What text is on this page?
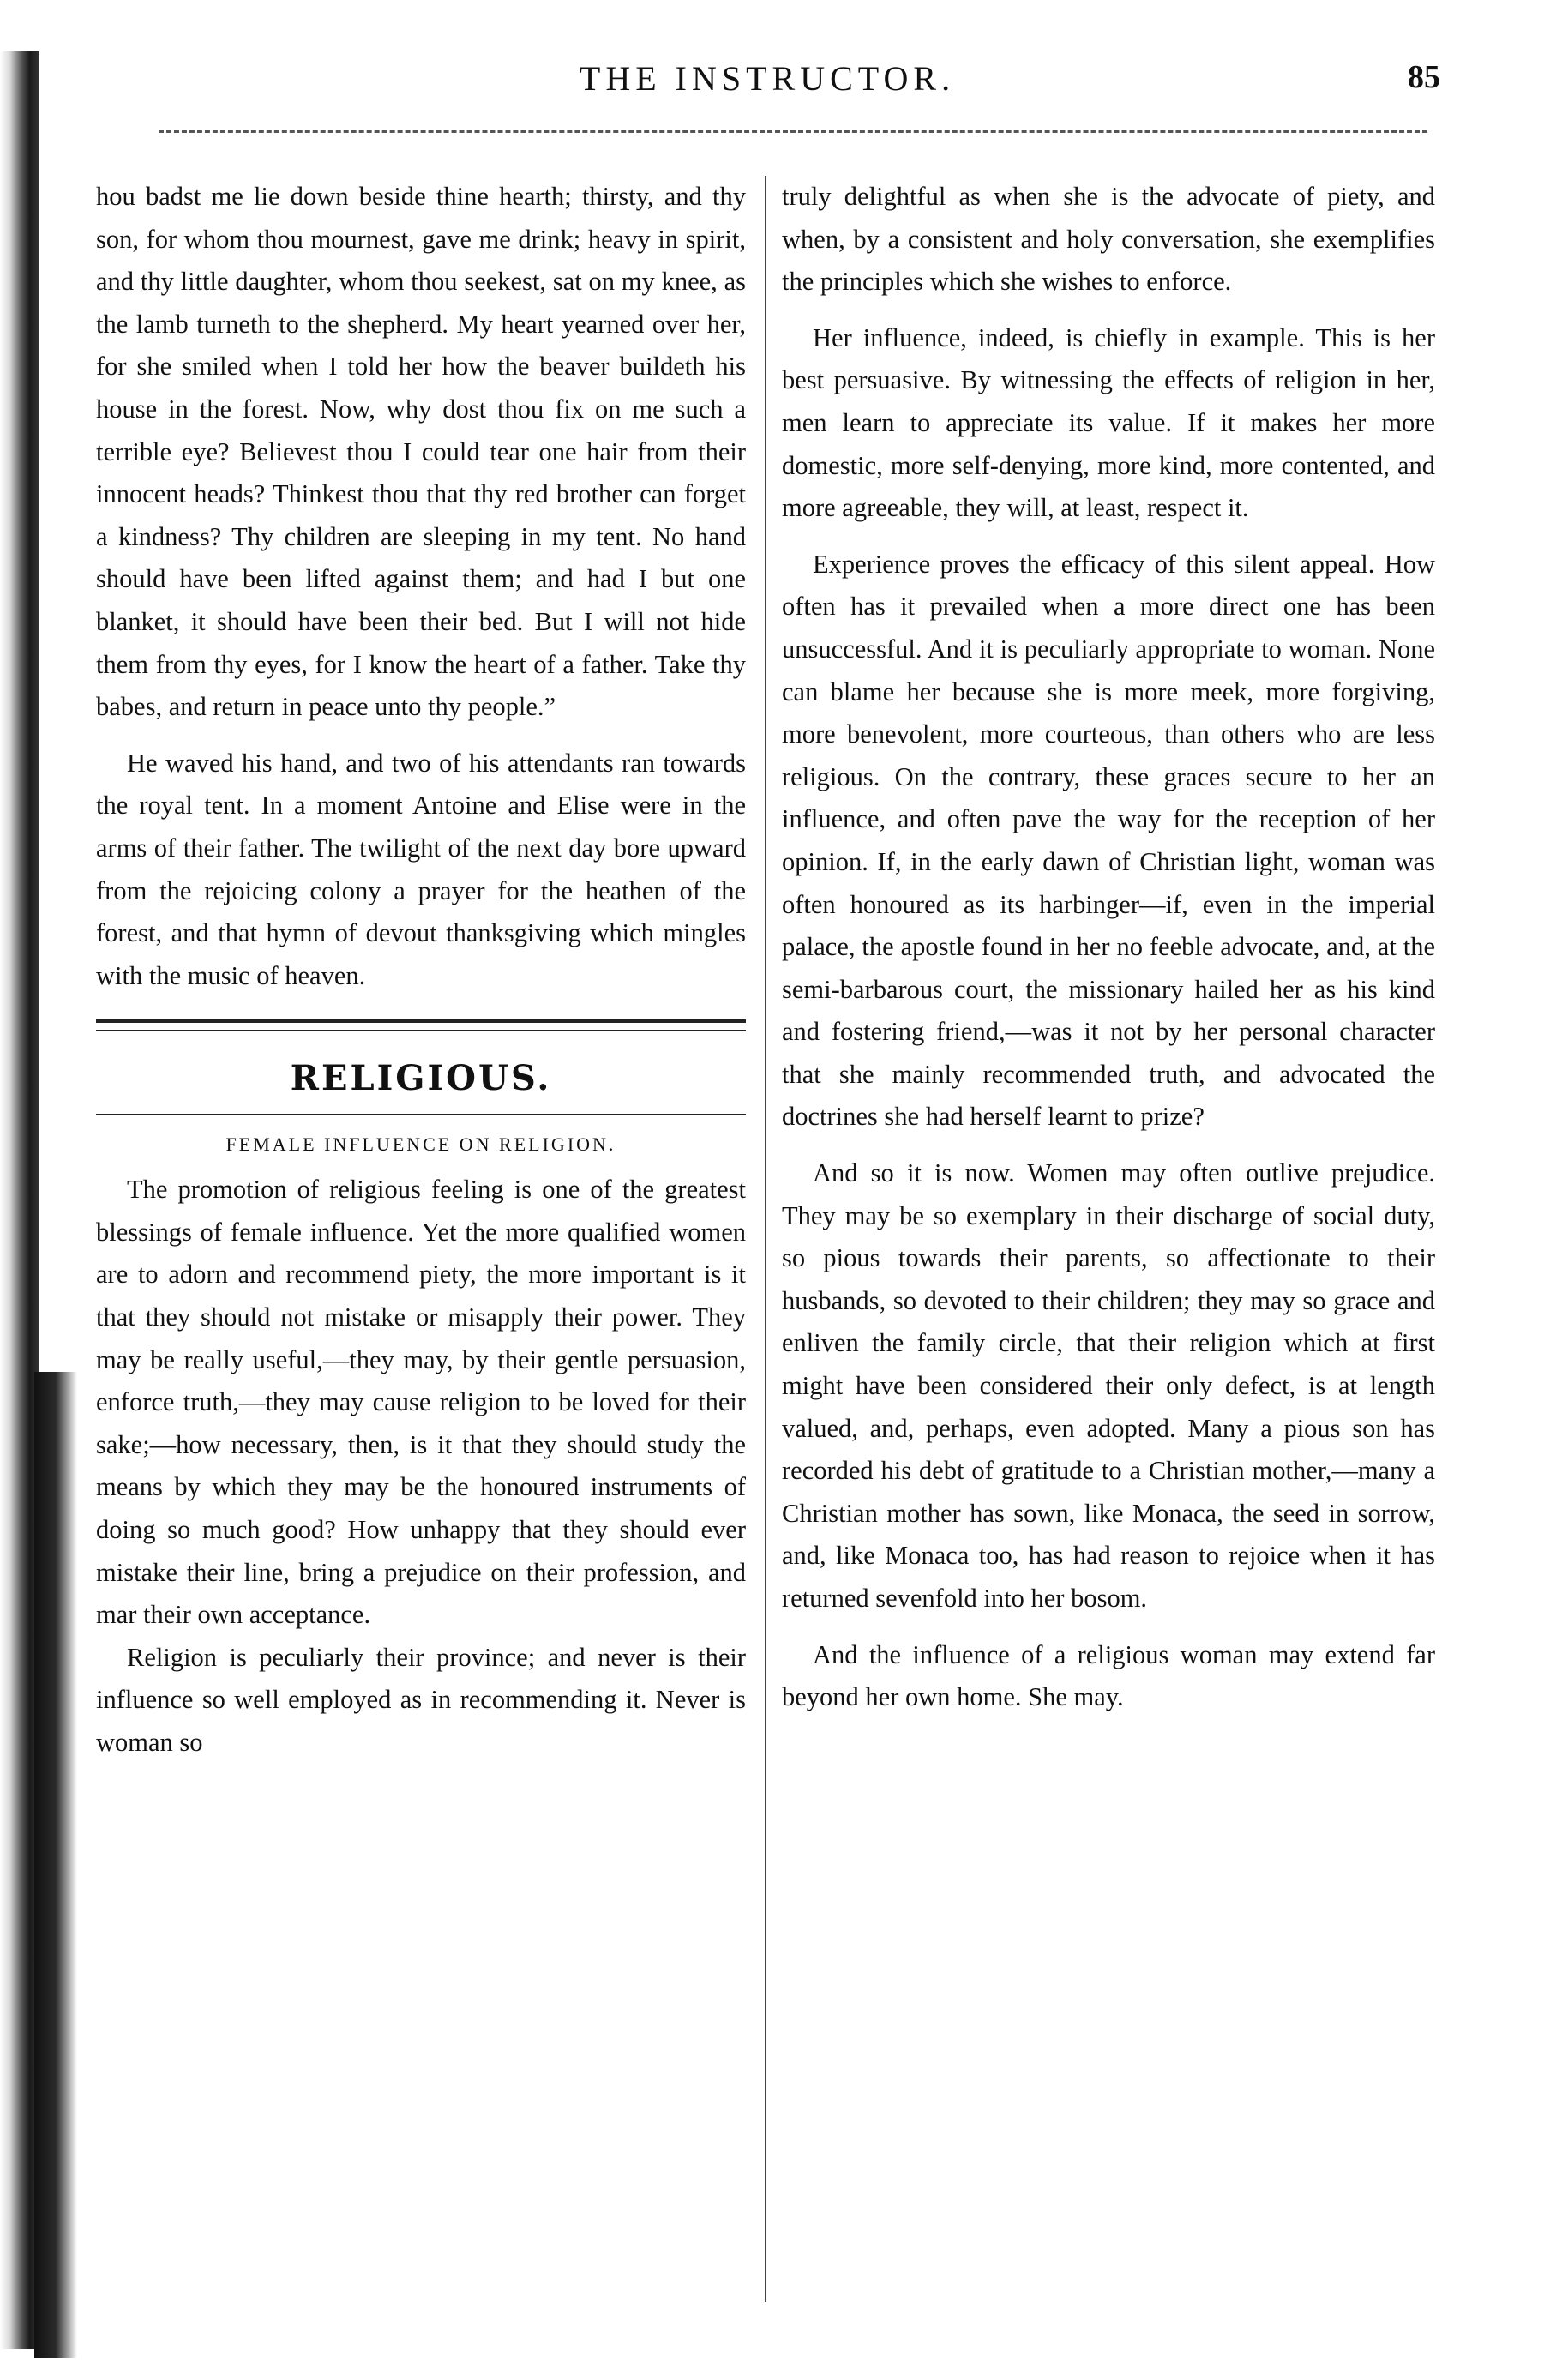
THE INSTRUCTOR.	85

hou badst me lie down beside thine hearth; thirsty, and thy son, for whom thou mournest, gave me drink; heavy in spirit, and thy little daughter, whom thou seekest, sat on my knee, as the lamb turneth to the shepherd. My heart yearned over her, for she smiled when I told her how the beaver buildeth his house in the forest. Now, why dost thou fix on me such a terrible eye? Believest thou I could tear one hair from their innocent heads? Thinkest thou that thy red brother can forget a kindness? Thy children are sleeping in my tent. No hand should have been lifted against them; and had I but one blanket, it should have been their bed. But I will not hide them from thy eyes, for I know the heart of a father. Take thy babes, and return in peace unto thy people.”

He waved his hand, and two of his attendants ran towards the royal tent. In a moment Antoine and Elise were in the arms of their father. The twilight of the next day bore upward from the rejoicing colony a prayer for the heathen of the forest, and that hymn of devout thanksgiving which mingles with the music of heaven.

RELIGIOUS.

FEMALE INFLUENCE ON RELIGION.

The promotion of religious feeling is one of the greatest blessings of female influence. Yet the more qualified women are to adorn and recommend piety, the more important is it that they should not mistake or misapply their power. They may be really useful,—they may, by their gentle persuasion, enforce truth,—they may cause religion to be loved for their sake;—how necessary, then, is it that they should study the means by which they may be the honoured instruments of doing so much good? How unhappy that they should ever mistake their line, bring a prejudice on their profession, and mar their own acceptance.

Religion is peculiarly their province; and never is their influence so well employed as in recommending it. Never is woman so

truly delightful as when she is the advocate of piety, and when, by a consistent and holy conversation, she exemplifies the principles which she wishes to enforce.

Her influence, indeed, is chiefly in example. This is her best persuasive. By witnessing the effects of religion in her, men learn to appreciate its value. If it makes her more domestic, more self-denying, more kind, more contented, and more agreeable, they will, at least, respect it.

Experience proves the efficacy of this silent appeal. How often has it prevailed when a more direct one has been unsuccessful. And it is peculiarly appropriate to woman. None can blame her because she is more meek, more forgiving, more benevolent, more courteous, than others who are less religious. On the contrary, these graces secure to her an influence, and often pave the way for the reception of her opinion. If, in the early dawn of Christian light, woman was often honoured as its harbinger—if, even in the imperial palace, the apostle found in her no feeble advocate, and, at the semi-barbarous court, the missionary hailed her as his kind and fostering friend,—was it not by her personal character that she mainly recommended truth, and advocated the doctrines she had herself learnt to prize?

And so it is now. Women may often outlive prejudice. They may be so exemplary in their discharge of social duty, so pious towards their parents, so affectionate to their husbands, so devoted to their children; they may so grace and enliven the family circle, that their religion which at first might have been considered their only defect, is at length valued, and, perhaps, even adopted. Many a pious son has recorded his debt of gratitude to a Christian mother,—many a Christian mother has sown, like Monaca, the seed in sorrow, and, like Monaca too, has had reason to rejoice when it has returned sevenfold into her bosom.

And the influence of a religious woman may extend far beyond her own home. She may.
